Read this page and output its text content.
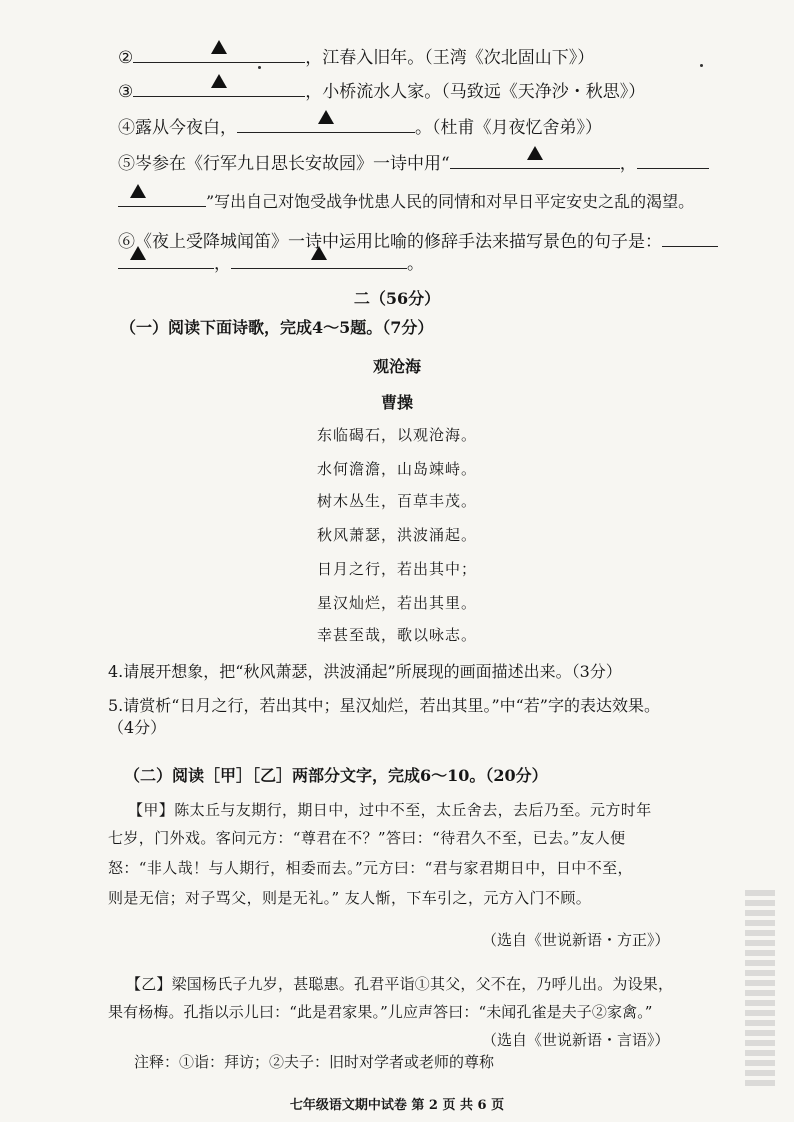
②	，江春入旧年。（王湾《次北固山下》）
③	，小桥流水人家。（马致远《天净沙・秋思》）
④露从今夜白，	。（杜甫《月夜忆舍弟》）
⑤岑参在《行军九日思长安故园》一诗中用“	，
”写出自己对饱受战争忧患人民的同情和对早日平定安史之乱的渴望。
⑥《夜上受降城闻笛》一诗中运用比喻的修辞手法来描写景色的句子是：
，	。
二（56分）
（一）阅读下面诗歌，完成4～5题。（7分）
观沧海
曹操
东临碣石，以观沧海。
水何澹澹，山岛竦峙。
树木丛生，百草丰茂。
秋风萧瑟，洪波涌起。
日月之行，若出其中；
星汉灿烂，若出其里。
幸甚至哉，歌以咏志。
4.请展开想象，把“秋风萧瑟，洪波涌起”所展现的画面描述出来。（3分）
5.请赏析“日月之行，若出其中；星汉灿烂，若出其里。”中“若”字的表达效果。
（4分）
（二）阅读［甲］［乙］两部分文字，完成6～10。（20分）
【甲】陈太丘与友期行，期日中，过中不至，太丘舍去，去后乃至。元方时年
七岁，门外戏。客问元方：“尊君在不？”答曰：“待君久不至，已去。”友人便
怒：“非人哉！与人期行，相委而去。”元方曰：“君与家君期日中，日中不至，
则是无信；对子骂父，则是无礼。” 友人惭，下车引之，元方入门不顾。
（选自《世说新语・方正》）
【乙】梁国杨氏子九岁，甚聪惠。孔君平诣①其父，父不在，乃呼儿出。为设果，
果有杨梅。孔指以示儿曰：“此是君家果。”儿应声答曰：“未闻孔雀是夫子②家禽。”
（选自《世说新语・言语》）
注释：①诣：拜访；②夫子：旧时对学者或老师的尊称
七年级语文期中试卷 第 2 页 共 6 页
